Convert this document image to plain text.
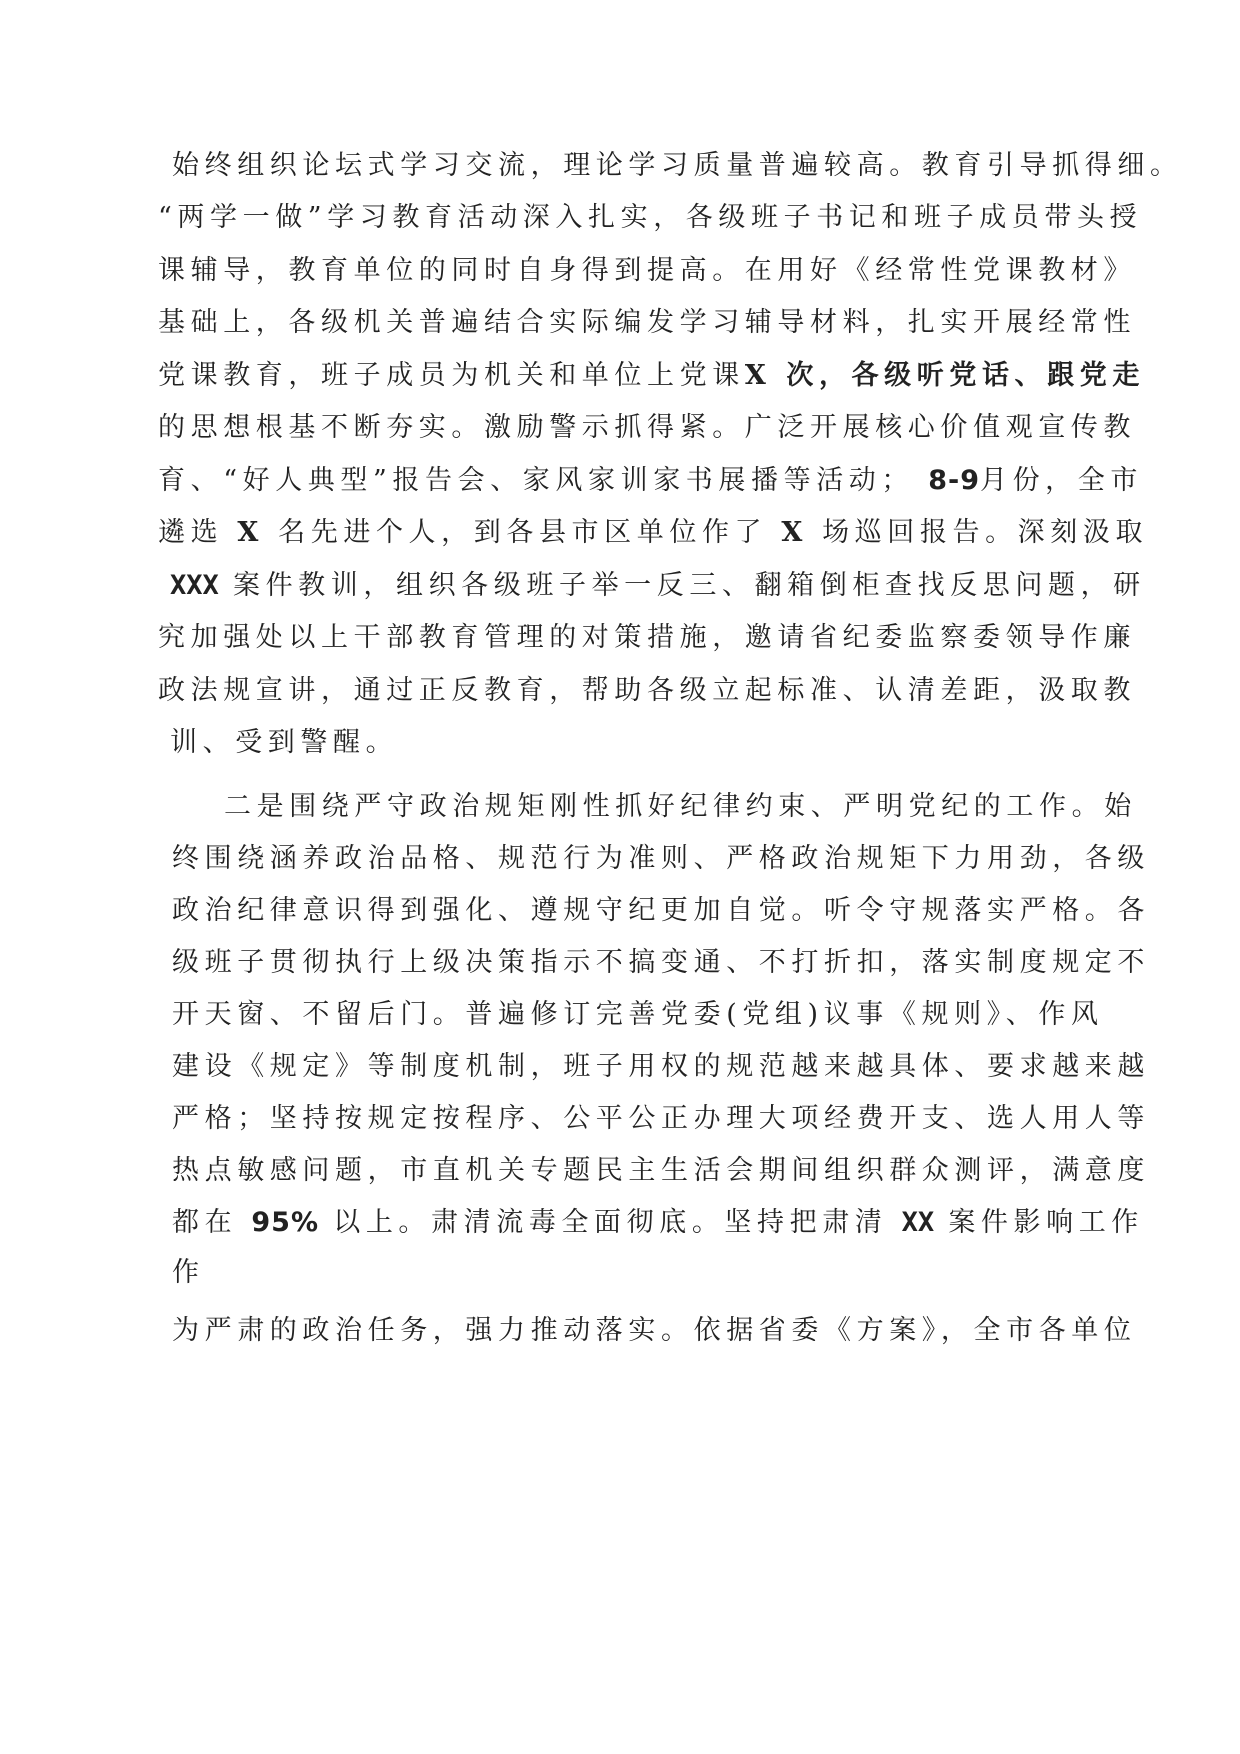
始终组织论坛式学习交流，理论学习质量普遍较高。教育引导抓得细。
“两学一做”学习教育活动深入扎实，各级班子书记和班子成员带头授
课辅导，教育单位的同时自身得到提高。在用好《经常性党课教材》
基础上，各级机关普遍结合实际编发学习辅导材料，扎实开展经常性
党课教育，班子成员为机关和单位上党课X 次，各级听党话、跟党走
的思想根基不断夯实。激励警示抓得紧。广泛开展核心价值观宣传教
育、“好人典型”报告会、家风家训家书展播等活动； 8-9月份，全市
遴选 X 名先进个人，到各县市区单位作了 X 场巡回报告。深刻汲取
XXX 案件教训，组织各级班子举一反三、翻箱倒柜查找反思问题，研
究加强处以上干部教育管理的对策措施，邀请省纪委监察委领导作廉
政法规宣讲，通过正反教育，帮助各级立起标准、认清差距，汲取教
训、受到警醒。
二是围绕严守政治规矩刚性抓好纪律约束、严明党纪的工作。始
终围绕涵养政治品格、规范行为准则、严格政治规矩下力用劲，各级
政治纪律意识得到强化、遵规守纪更加自觉。听令守规落实严格。各
级班子贯彻执行上级决策指示不搞变通、不打折扣，落实制度规定不
开天窗、不留后门。普遍修订完善党委(党组)议事《规则》、作风
建设《规定》等制度机制，班子用权的规范越来越具体、要求越来越
严格；坚持按规定按程序、公平公正办理大项经费开支、选人用人等
热点敏感问题，市直机关专题民主生活会期间组织群众测评，满意度
都在 95% 以上。肃清流毒全面彻底。坚持把肃清 XX 案件影响工作
作
为严肃的政治任务，强力推动落实。依据省委《方案》，全市各单位
